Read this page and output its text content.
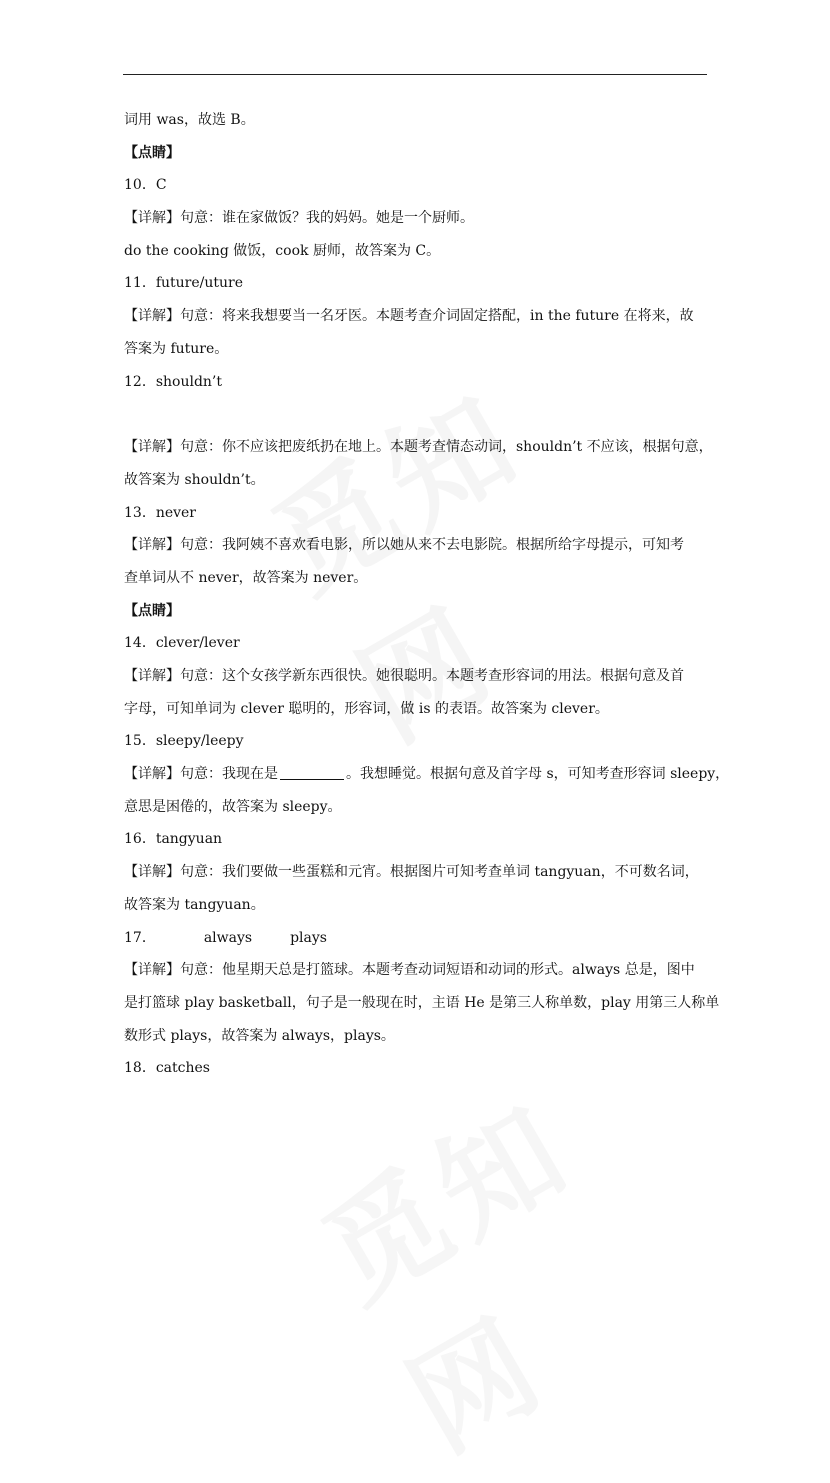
词用 was，故选 B。
【点睛】
10．C
【详解】句意：谁在家做饭？我的妈妈。她是一个厨师。
do the cooking 做饭，cook 厨师，故答案为 C。
11．future/uture
【详解】句意：将来我想要当一名牙医。本题考查介词固定搭配，in the future 在将来，故
答案为 future。
12．shouldn’t
【详解】句意：你不应该把废纸扔在地上。本题考查情态动词，shouldn’t 不应该，根据句意，
故答案为 shouldn’t。
13．never
【详解】句意：我阿姨不喜欢看电影，所以她从来不去电影院。根据所给字母提示，可知考
查单词从不 never，故答案为 never。
【点睛】
14．clever/lever
【详解】句意：这个女孩学新东西很快。她很聪明。本题考查形容词的用法。根据句意及首
字母，可知单词为 clever 聪明的，形容词，做 is 的表语。故答案为 clever。
15．sleepy/leepy
【详解】句意：我现在是	。我想睡觉。根据句意及首字母 s，可知考查形容词 sleepy，
意思是困倦的，故答案为 sleepy。
16．tangyuan
【详解】句意：我们要做一些蛋糕和元宵。根据图片可知考查单词 tangyuan，不可数名词，
故答案为 tangyuan。
17．	always	plays
【详解】句意：他星期天总是打篮球。本题考查动词短语和动词的形式。always 总是，图中
是打篮球 play basketball，句子是一般现在时，主语 He 是第三人称单数，play 用第三人称单
数形式 plays，故答案为 always，plays。
18．catches
